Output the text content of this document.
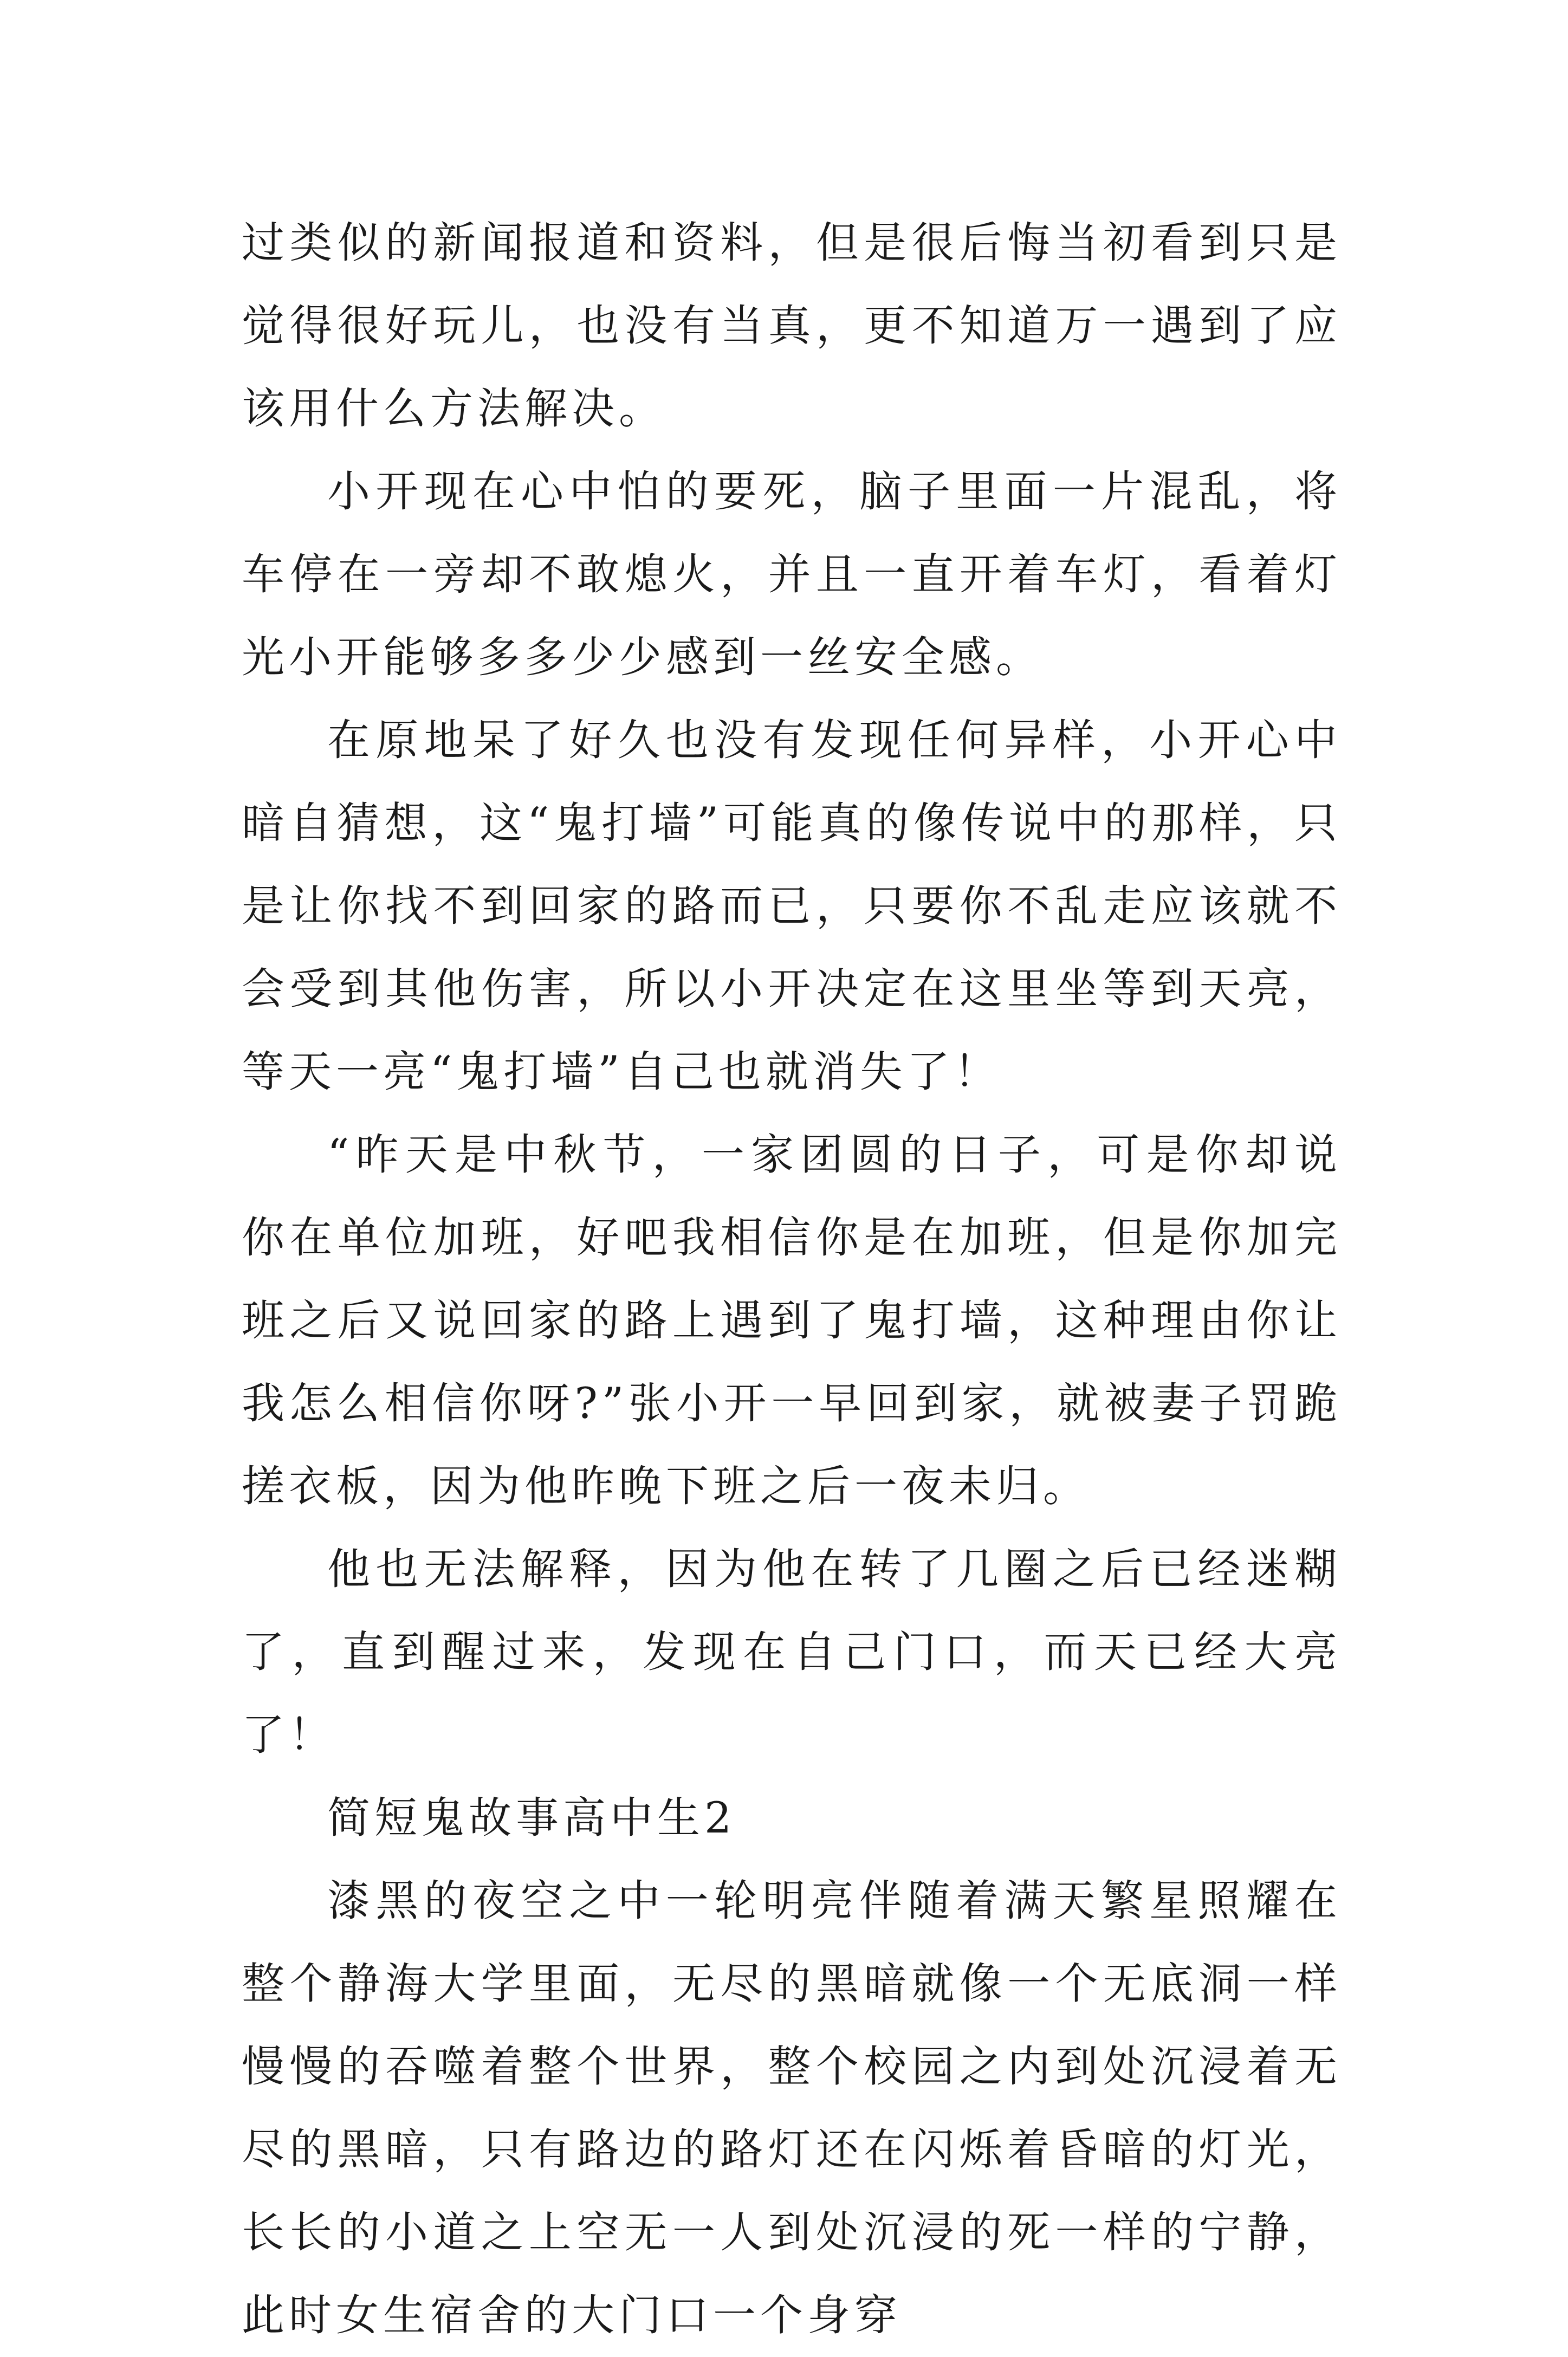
过类似的新闻报道和资料，但是很后悔当初看到只是觉得很好玩儿，也没有当真，更不知道万一遇到了应该用什么方法解决。

小开现在心中怕的要死，脑子里面一片混乱，将车停在一旁却不敢熄火，并且一直开着车灯，看着灯光小开能够多多少少感到一丝安全感。

在原地呆了好久也没有发现任何异样，小开心中暗自猜想，这“鬼打墙”可能真的像传说中的那样，只是让你找不到回家的路而已，只要你不乱走应该就不会受到其他伤害，所以小开决定在这里坐等到天亮，等天一亮“鬼打墙”自己也就消失了！

“昨天是中秋节，一家团圆的日子，可是你却说你在单位加班，好吧我相信你是在加班，但是你加完班之后又说回家的路上遇到了鬼打墙，这种理由你让我怎么相信你呀?”张小开一早回到家，就被妻子罚跪搓衣板，因为他昨晚下班之后一夜未归。

他也无法解释，因为他在转了几圈之后已经迷糊了，直到醒过来，发现在自己门口，而天已经大亮了！

简短鬼故事高中生2

漆黑的夜空之中一轮明亮伴随着满天繁星照耀在整个静海大学里面，无尽的黑暗就像一个无底洞一样慢慢的吞噬着整个世界，整个校园之内到处沉浸着无尽的黑暗，只有路边的路灯还在闪烁着昏暗的灯光，长长的小道之上空无一人到处沉浸的死一样的宁静，此时女生宿舍的大门口一个身穿
